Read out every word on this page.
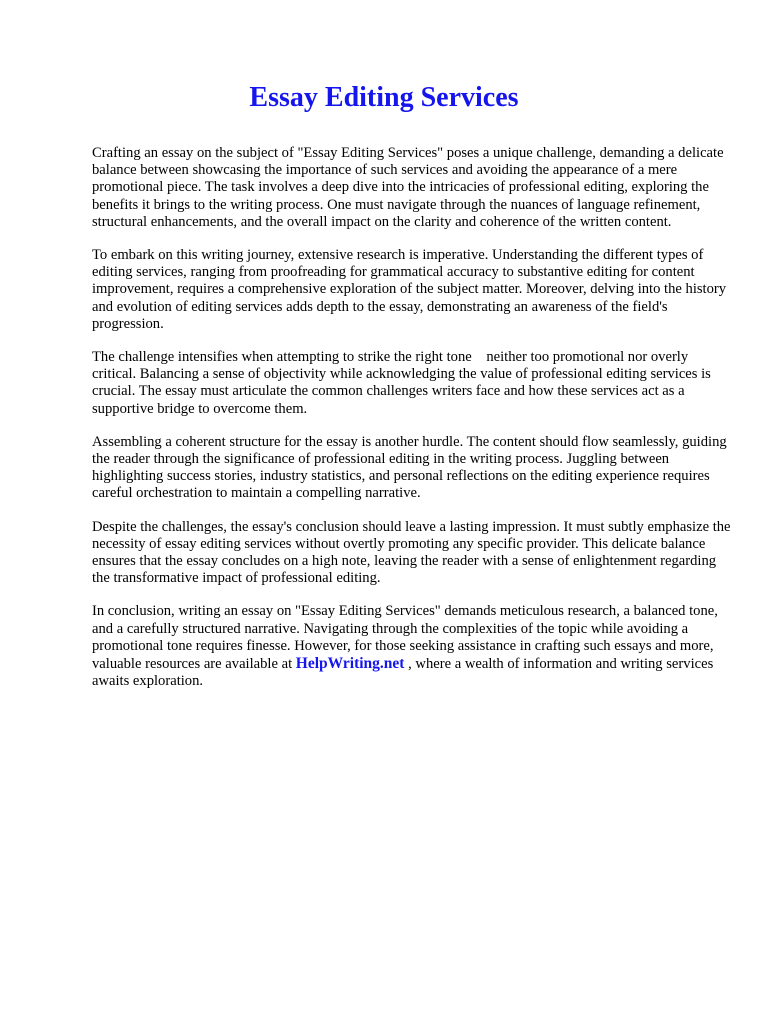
Essay Editing Services

Crafting an essay on the subject of "Essay Editing Services" poses a unique challenge, demanding a delicate balance between showcasing the importance of such services and avoiding the appearance of a mere promotional piece. The task involves a deep dive into the intricacies of professional editing, exploring the benefits it brings to the writing process. One must navigate through the nuances of language refinement, structural enhancements, and the overall impact on the clarity and coherence of the written content.

To embark on this writing journey, extensive research is imperative. Understanding the different types of editing services, ranging from proofreading for grammatical accuracy to substantive editing for content improvement, requires a comprehensive exploration of the subject matter. Moreover, delving into the history and evolution of editing services adds depth to the essay, demonstrating an awareness of the field's progression.

The challenge intensifies when attempting to strike the right tone    neither too promotional nor overly critical. Balancing a sense of objectivity while acknowledging the value of professional editing services is crucial. The essay must articulate the common challenges writers face and how these services act as a supportive bridge to overcome them.

Assembling a coherent structure for the essay is another hurdle. The content should flow seamlessly, guiding the reader through the significance of professional editing in the writing process. Juggling between highlighting success stories, industry statistics, and personal reflections on the editing experience requires careful orchestration to maintain a compelling narrative.

Despite the challenges, the essay's conclusion should leave a lasting impression. It must subtly emphasize the necessity of essay editing services without overtly promoting any specific provider. This delicate balance ensures that the essay concludes on a high note, leaving the reader with a sense of enlightenment regarding the transformative impact of professional editing.

In conclusion, writing an essay on "Essay Editing Services" demands meticulous research, a balanced tone, and a carefully structured narrative. Navigating through the complexities of the topic while avoiding a promotional tone requires finesse. However, for those seeking assistance in crafting such essays and more, valuable resources are available at HelpWriting.net , where a wealth of information and writing services awaits exploration.
